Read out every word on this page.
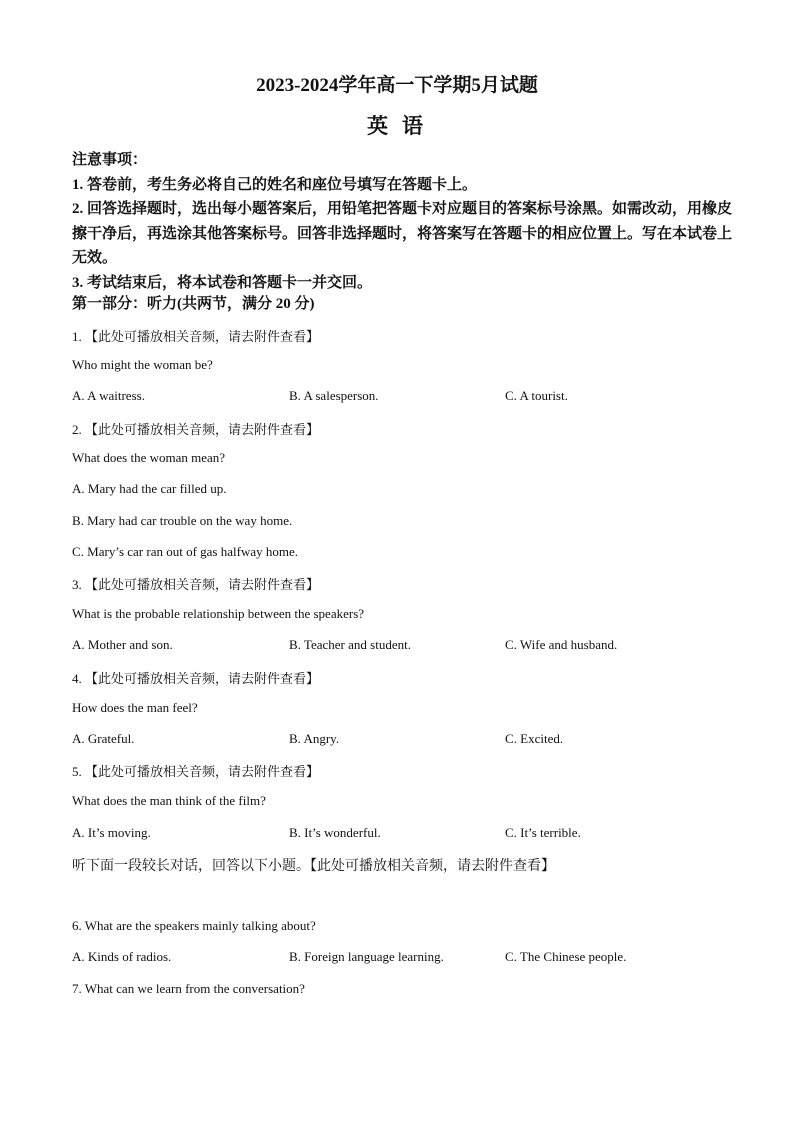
2023-2024学年高一下学期5月试题
英语

注意事项：

1. 答卷前，考生务必将自己的姓名和座位号填写在答题卡上。

2. 回答选择题时，选出每小题答案后，用铅笔把答题卡对应题目的答案标号涂黑。如需改动，用橡皮擦干净后，再选涂其他答案标号。回答非选择题时，将答案写在答题卡的相应位置上。写在本试卷上无效。

3. 考试结束后，将本试卷和答题卡一并交回。

第一部分：听力(共两节，满分 20 分)
1. 【此处可播放相关音频，请去附件查看】
Who might the woman be?
A. A waitress.	B. A salesperson.	C. A tourist.
2. 【此处可播放相关音频，请去附件查看】
What does the woman mean?
A. Mary had the car filled up.
B. Mary had car trouble on the way home.
C. Mary’s car ran out of gas halfway home.
3. 【此处可播放相关音频，请去附件查看】
What is the probable relationship between the speakers?
A. Mother and son.	B. Teacher and student.	C. Wife and husband.
4. 【此处可播放相关音频，请去附件查看】
How does the man feel?
A. Grateful.	B. Angry.	C. Excited.
5. 【此处可播放相关音频，请去附件查看】
What does the man think of the film?
A. It’s moving.	B. It’s wonderful.	C. It’s terrible.
听下面一段较长对话，回答以下小题。【此处可播放相关音频，请去附件查看】
6. What are the speakers mainly talking about?
A. Kinds of radios.	B. Foreign language learning.	C. The Chinese people.
7. What can we learn from the conversation?
